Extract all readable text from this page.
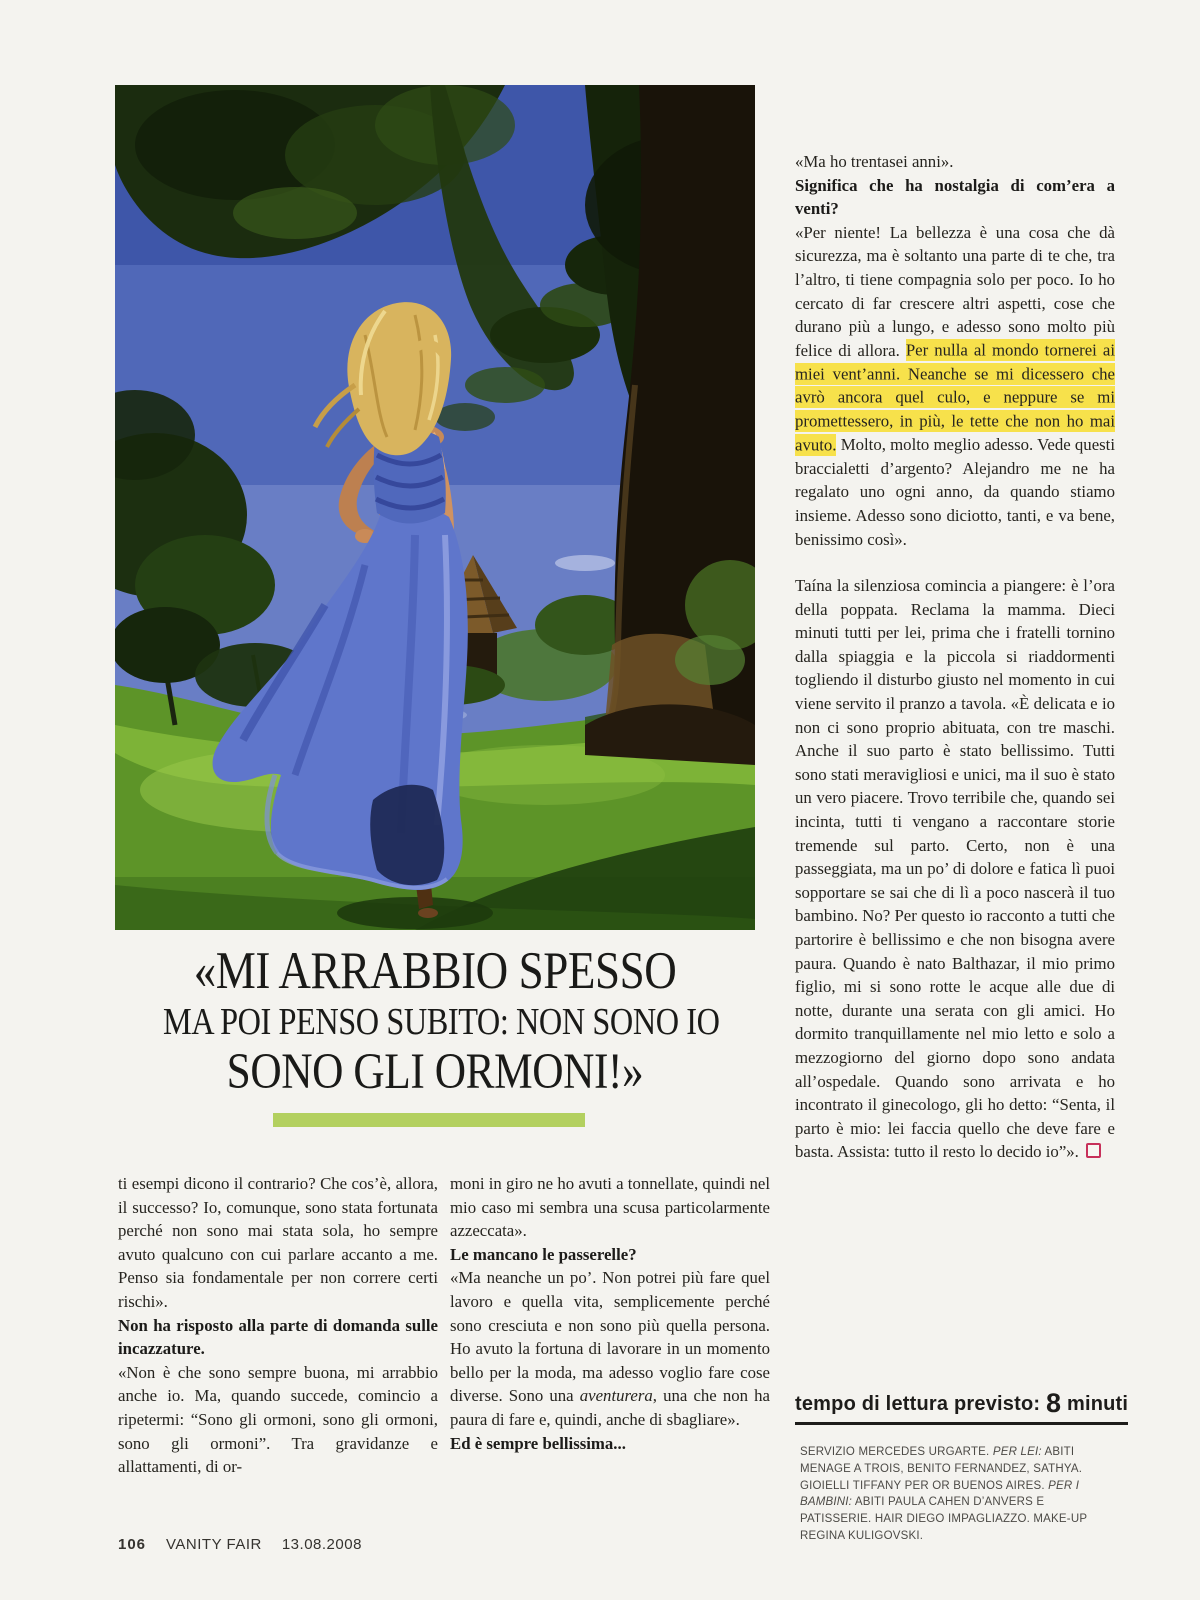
«MI ARRABBIO SPESSO
MA POI PENSO SUBITO: NON SONO IO
SONO GLI ORMONI!»

ti esempi dicono il contrario? Che cos’è, allora, il successo? Io, comunque, sono stata fortunata perché non sono mai stata sola, ho sempre avuto qualcuno con cui parlare accanto a me. Penso sia fondamentale per non correre certi rischi».

Non ha risposto alla parte di domanda sulle incazzature.

«Non è che sono sempre buona, mi arrabbio anche io. Ma, quando succede, comincio a ripetermi: “Sono gli ormoni, sono gli ormoni, sono gli ormoni”. Tra gravidanze e allattamenti, di or-

moni in giro ne ho avuti a tonnellate, quindi nel mio caso mi sembra una scusa particolarmente azzeccata».

Le mancano le passerelle?

«Ma neanche un po’. Non potrei più fare quel lavoro e quella vita, semplicemente perché sono cresciuta e non sono più quella persona. Ho avuto la fortuna di lavorare in un momento bello per la moda, ma adesso voglio fare cose diverse. Sono una aventurera, una che non ha paura di fare e, quindi, anche di sbagliare».

Ed è sempre bellissima...

«Ma ho trentasei anni».

Significa che ha nostalgia di com’era a venti?

«Per niente! La bellezza è una cosa che dà sicurezza, ma è soltanto una parte di te che, tra l’altro, ti tiene compagnia solo per poco. Io ho cercato di far crescere altri aspetti, cose che durano più a lungo, e adesso sono molto più felice di allora. Per nulla al mondo tornerei ai miei vent’anni. Neanche se mi dicessero che avrò ancora quel culo, e neppure se mi promettessero, in più, le tette che non ho mai avuto. Molto, molto meglio adesso. Vede questi braccialetti d’argento? Alejandro me ne ha regalato uno ogni anno, da quando stiamo insieme. Adesso sono diciotto, tanti, e va bene, benissimo così».

Taína la silenziosa comincia a piangere: è l’ora della poppata. Reclama la mamma. Dieci minuti tutti per lei, prima che i fratelli tornino dalla spiaggia e la piccola si riaddormenti togliendo il disturbo giusto nel momento in cui viene servito il pranzo a tavola. «È delicata e io non ci sono proprio abituata, con tre maschi. Anche il suo parto è stato bellissimo. Tutti sono stati meravigliosi e unici, ma il suo è stato un vero piacere. Trovo terribile che, quando sei incinta, tutti ti vengano a raccontare storie tremende sul parto. Certo, non è una passeggiata, ma un po’ di dolore e fatica lì puoi sopportare se sai che di lì a poco nascerà il tuo bambino. No? Per questo io racconto a tutti che partorire è bellissimo e che non bisogna avere paura. Quando è nato Balthazar, il mio primo figlio, mi si sono rotte le acque alle due di notte, durante una serata con gli amici. Ho dormito tranquillamente nel mio letto e solo a mezzogiorno del giorno dopo sono andata all’ospedale. Quando sono arrivata e ho incontrato il ginecologo, gli ho detto: “Senta, il parto è mio: lei faccia quello che deve fare e basta. Assista: tutto il resto lo decido io”».

tempo di lettura previsto: 8 minuti
SERVIZIO MERCEDES URGARTE. PER LEI: ABITI MENAGE A TROIS, BENITO FERNANDEZ, SATHYA. GIOIELLI TIFFANY PER OR BUENOS AIRES. PER I BAMBINI: ABITI PAULA CAHEN D’ANVERS E PATISSERIE. HAIR DIEGO IMPAGLIAZZO. MAKE-UP REGINA KULIGOVSKI.
106 VANITY FAIR 13.08.2008
